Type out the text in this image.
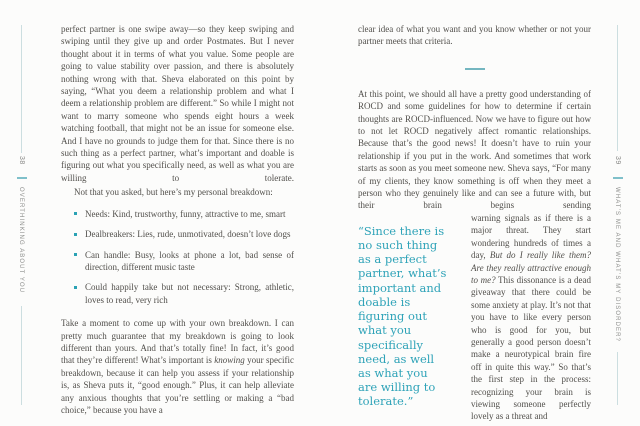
38
OVERTHINKING ABOUT YOU

perfect partner is one swipe away—so they keep swiping and swiping until they give up and order Postmates. But I never thought about it in terms of what you value. Some people are going to value stability over passion, and there is absolutely nothing wrong with that. Sheva elaborated on this point by saying, “What you deem a relationship problem and what I deem a relationship problem are different.” So while I might not want to marry someone who spends eight hours a week watching football, that might not be an issue for someone else. And I have no grounds to judge them for that. Since there is no such thing as a perfect partner, what’s important and doable is figuring out what you specifically need, as well as what you are willing to tolerate.

Not that you asked, but here’s my personal breakdown:

Needs: Kind, trustworthy, funny, attractive to me, smart
Dealbreakers: Lies, rude, unmotivated, doesn’t love dogs
Can handle: Busy, looks at phone a lot, bad sense of direction, different music taste
Could happily take but not necessary: Strong, athletic, loves to read, very rich

Take a moment to come up with your own breakdown. I can pretty much guarantee that my breakdown is going to look different than yours. And that’s totally fine! In fact, it’s good that they’re different! What’s important is knowing your specific breakdown, because it can help you assess if your relationship is, as Sheva puts it, “good enough.” Plus, it can help alleviate any anxious thoughts that you’re settling or making a “bad choice,” because you have a

clear idea of what you want and you know whether or not your partner meets that criteria.

At this point, we should all have a pretty good understanding of ROCD and some guidelines for how to determine if certain thoughts are ROCD-influenced. Now we have to figure out how to not let ROCD negatively affect romantic relationships. Because that’s the good news! It doesn’t have to ruin your relationship if you put in the work. And sometimes that work starts as soon as you meet someone new. Sheva says, “For many of my clients, they know something is off when they meet a person who they genuinely like and can see a future with, but their brain begins sending

“Since there is no such thing as a perfect partner, what’s important and doable is figuring out what you specifically need, as well as what you are willing to tolerate.”

warning signals as if there is a major threat. They start wondering hundreds of times a day, But do I really like them? Are they really attractive enough to me? This dissonance is a dead giveaway that there could be some anxiety at play. It’s not that you have to like every person who is good for you, but generally a good person doesn’t make a neurotypical brain fire off in quite this way.” So that’s the first step in the process: recognizing your brain is viewing someone perfectly lovely as a threat and

39
WHAT’S ME AND WHAT’S MY DISORDER?
